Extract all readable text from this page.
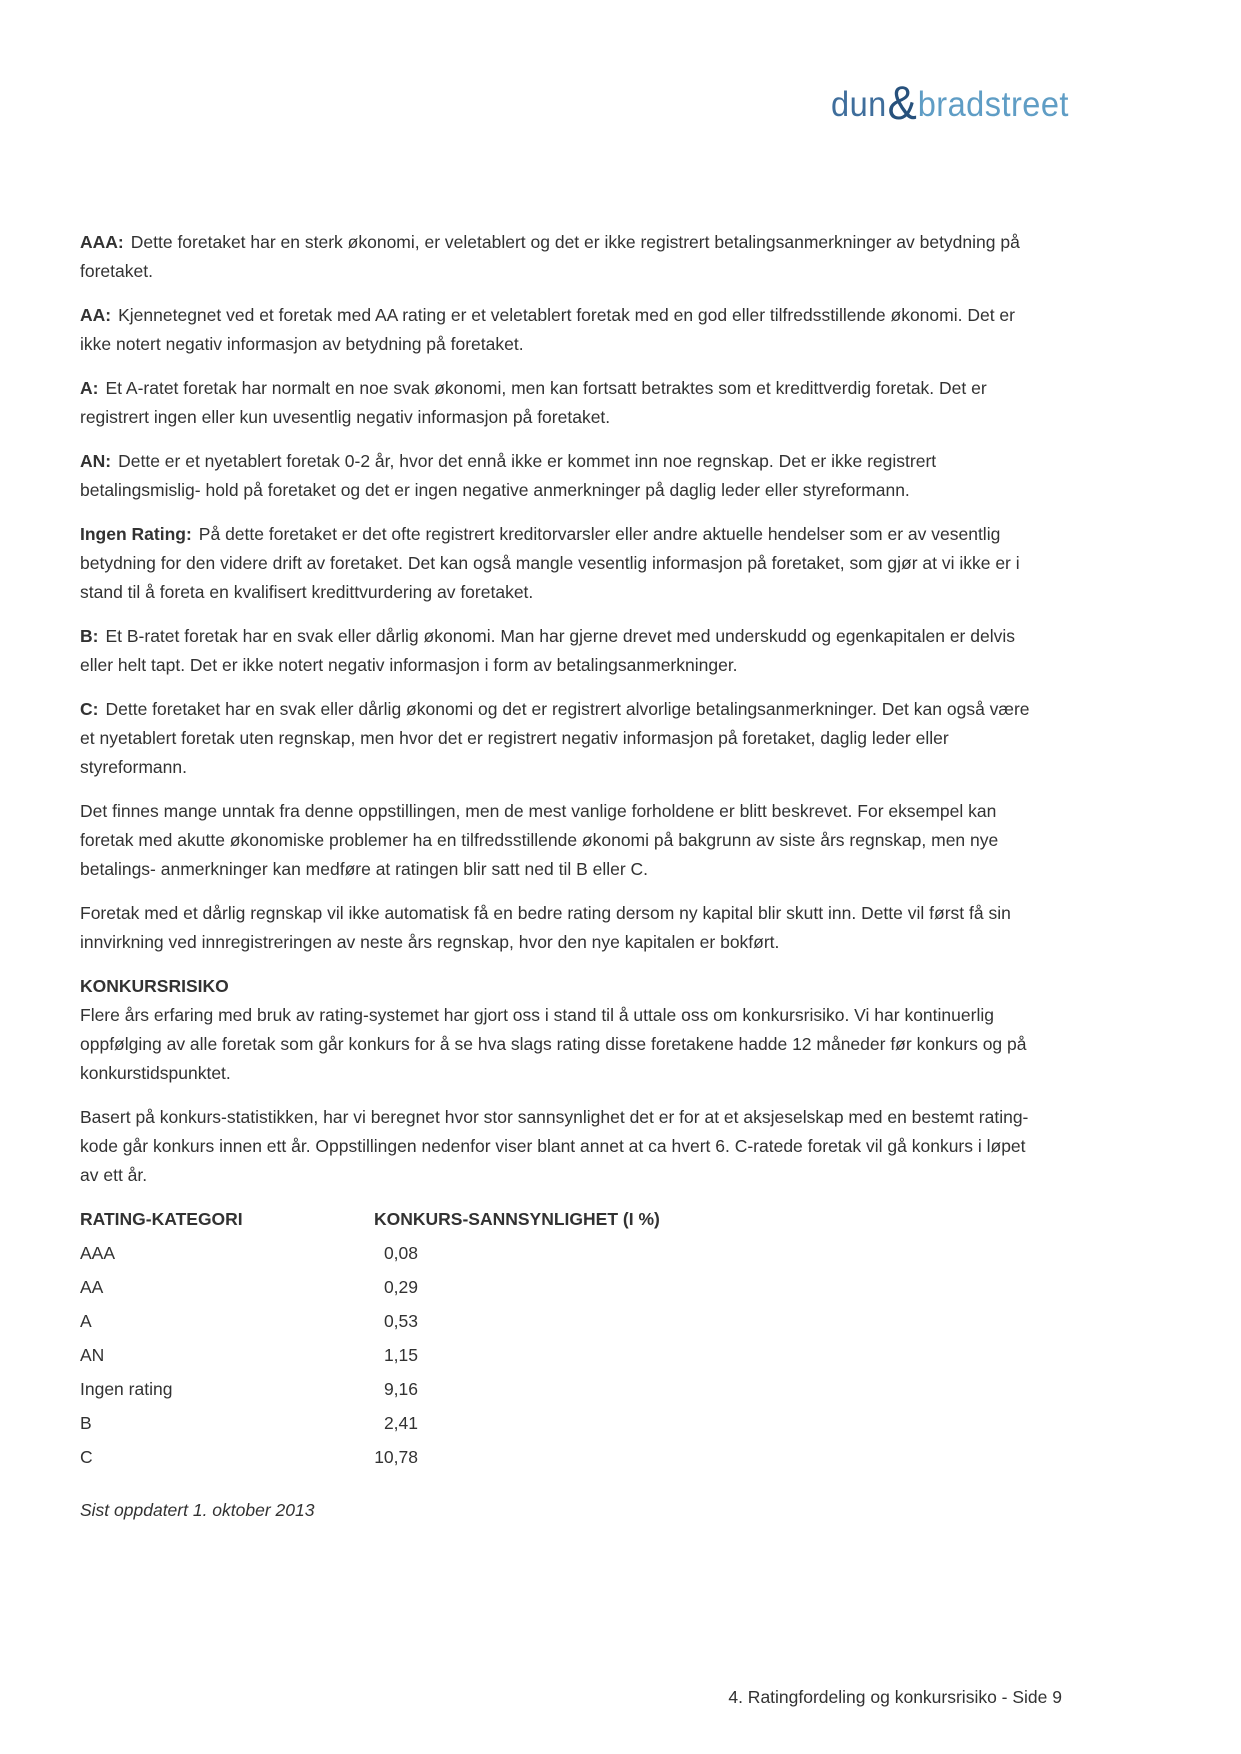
dun & bradstreet
AAA: Dette foretaket har en sterk økonomi, er veletablert og det er ikke registrert betalingsanmerkninger av betydning på foretaket.
AA: Kjennetegnet ved et foretak med AA rating er et veletablert foretak med en god eller tilfredsstillende økonomi. Det er ikke notert negativ informasjon av betydning på foretaket.
A: Et A-ratet foretak har normalt en noe svak økonomi, men kan fortsatt betraktes som et kredittverdig foretak. Det er registrert ingen eller kun uvesentlig negativ informasjon på foretaket.
AN: Dette er et nyetablert foretak 0-2 år, hvor det ennå ikke er kommet inn noe regnskap. Det er ikke registrert betalingsmislig- hold på foretaket og det er ingen negative anmerkninger på daglig leder eller styreformann.
Ingen Rating: På dette foretaket er det ofte registrert kreditorvarsler eller andre aktuelle hendelser som er av vesentlig betydning for den videre drift av foretaket. Det kan også mangle vesentlig informasjon på foretaket, som gjør at vi ikke er i stand til å foreta en kvalifisert kredittvurdering av foretaket.
B: Et B-ratet foretak har en svak eller dårlig økonomi. Man har gjerne drevet med underskudd og egenkapitalen er delvis eller helt tapt. Det er ikke notert negativ informasjon i form av betalingsanmerkninger.
C: Dette foretaket har en svak eller dårlig økonomi og det er registrert alvorlige betalingsanmerkninger. Det kan også være et nyetablert foretak uten regnskap, men hvor det er registrert negativ informasjon på foretaket, daglig leder eller styreformann.
Det finnes mange unntak fra denne oppstillingen, men de mest vanlige forholdene er blitt beskrevet. For eksempel kan foretak med akutte økonomiske problemer ha en tilfredsstillende økonomi på bakgrunn av siste års regnskap, men nye betalings- anmerkninger kan medføre at ratingen blir satt ned til B eller C.
Foretak med et dårlig regnskap vil ikke automatisk få en bedre rating dersom ny kapital blir skutt inn. Dette vil først få sin innvirkning ved innregistreringen av neste års regnskap, hvor den nye kapitalen er bokført.
KONKURSRISIKO
Flere års erfaring med bruk av rating-systemet har gjort oss i stand til å uttale oss om konkursrisiko. Vi har kontinuerlig oppfølging av alle foretak som går konkurs for å se hva slags rating disse foretakene hadde 12 måneder før konkurs og på konkurstidspunktet.
Basert på konkurs-statistikken, har vi beregnet hvor stor sannsynlighet det er for at et aksjeselskap med en bestemt rating-kode går konkurs innen ett år. Oppstillingen nedenfor viser blant annet at ca hvert 6. C-ratede foretak vil gå konkurs i løpet av ett år.
RATING-KATEGORI	KONKURS-SANNSYNLIGHET (I %)
AAA	0,08
AA	0,29
A	0,53
AN	1,15
Ingen rating	9,16
B	2,41
C	10,78
Sist oppdatert 1. oktober 2013
4. Ratingfordeling og konkursrisiko - Side 9
